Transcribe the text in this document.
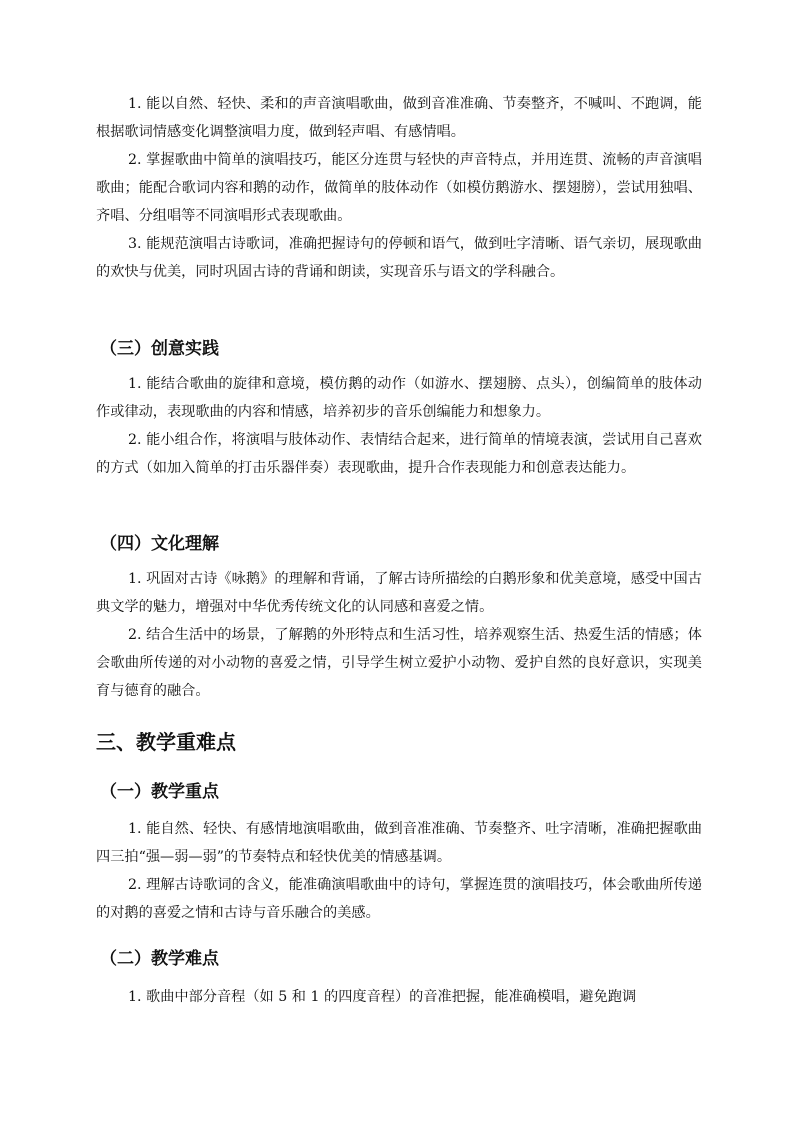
1. 能以自然、轻快、柔和的声音演唱歌曲，做到音准准确、节奏整齐，不喊叫、不跑调，能根据歌词情感变化调整演唱力度，做到轻声唱、有感情唱。

2. 掌握歌曲中简单的演唱技巧，能区分连贯与轻快的声音特点，并用连贯、流畅的声音演唱歌曲；能配合歌词内容和鹅的动作，做简单的肢体动作（如模仿鹅游水、摆翅膀），尝试用独唱、齐唱、分组唱等不同演唱形式表现歌曲。

3. 能规范演唱古诗歌词，准确把握诗句的停顿和语气，做到吐字清晰、语气亲切，展现歌曲的欢快与优美，同时巩固古诗的背诵和朗读，实现音乐与语文的学科融合。

（三）创意实践

1. 能结合歌曲的旋律和意境，模仿鹅的动作（如游水、摆翅膀、点头），创编简单的肢体动作或律动，表现歌曲的内容和情感，培养初步的音乐创编能力和想象力。

2. 能小组合作，将演唱与肢体动作、表情结合起来，进行简单的情境表演，尝试用自己喜欢的方式（如加入简单的打击乐器伴奏）表现歌曲，提升合作表现能力和创意表达能力。

（四）文化理解

1. 巩固对古诗《咏鹅》的理解和背诵，了解古诗所描绘的白鹅形象和优美意境，感受中国古典文学的魅力，增强对中华优秀传统文化的认同感和喜爱之情。

2. 结合生活中的场景，了解鹅的外形特点和生活习性，培养观察生活、热爱生活的情感；体会歌曲所传递的对小动物的喜爱之情，引导学生树立爱护小动物、爱护自然的良好意识，实现美育与德育的融合。

三、教学重难点
（一）教学重点

1. 能自然、轻快、有感情地演唱歌曲，做到音准准确、节奏整齐、吐字清晰，准确把握歌曲四三拍“强—弱—弱”的节奏特点和轻快优美的情感基调。

2. 理解古诗歌词的含义，能准确演唱歌曲中的诗句，掌握连贯的演唱技巧，体会歌曲所传递的对鹅的喜爱之情和古诗与音乐融合的美感。

（二）教学难点

1. 歌曲中部分音程（如 5 和 1 的四度音程）的音准把握，能准确模唱，避免跑调
